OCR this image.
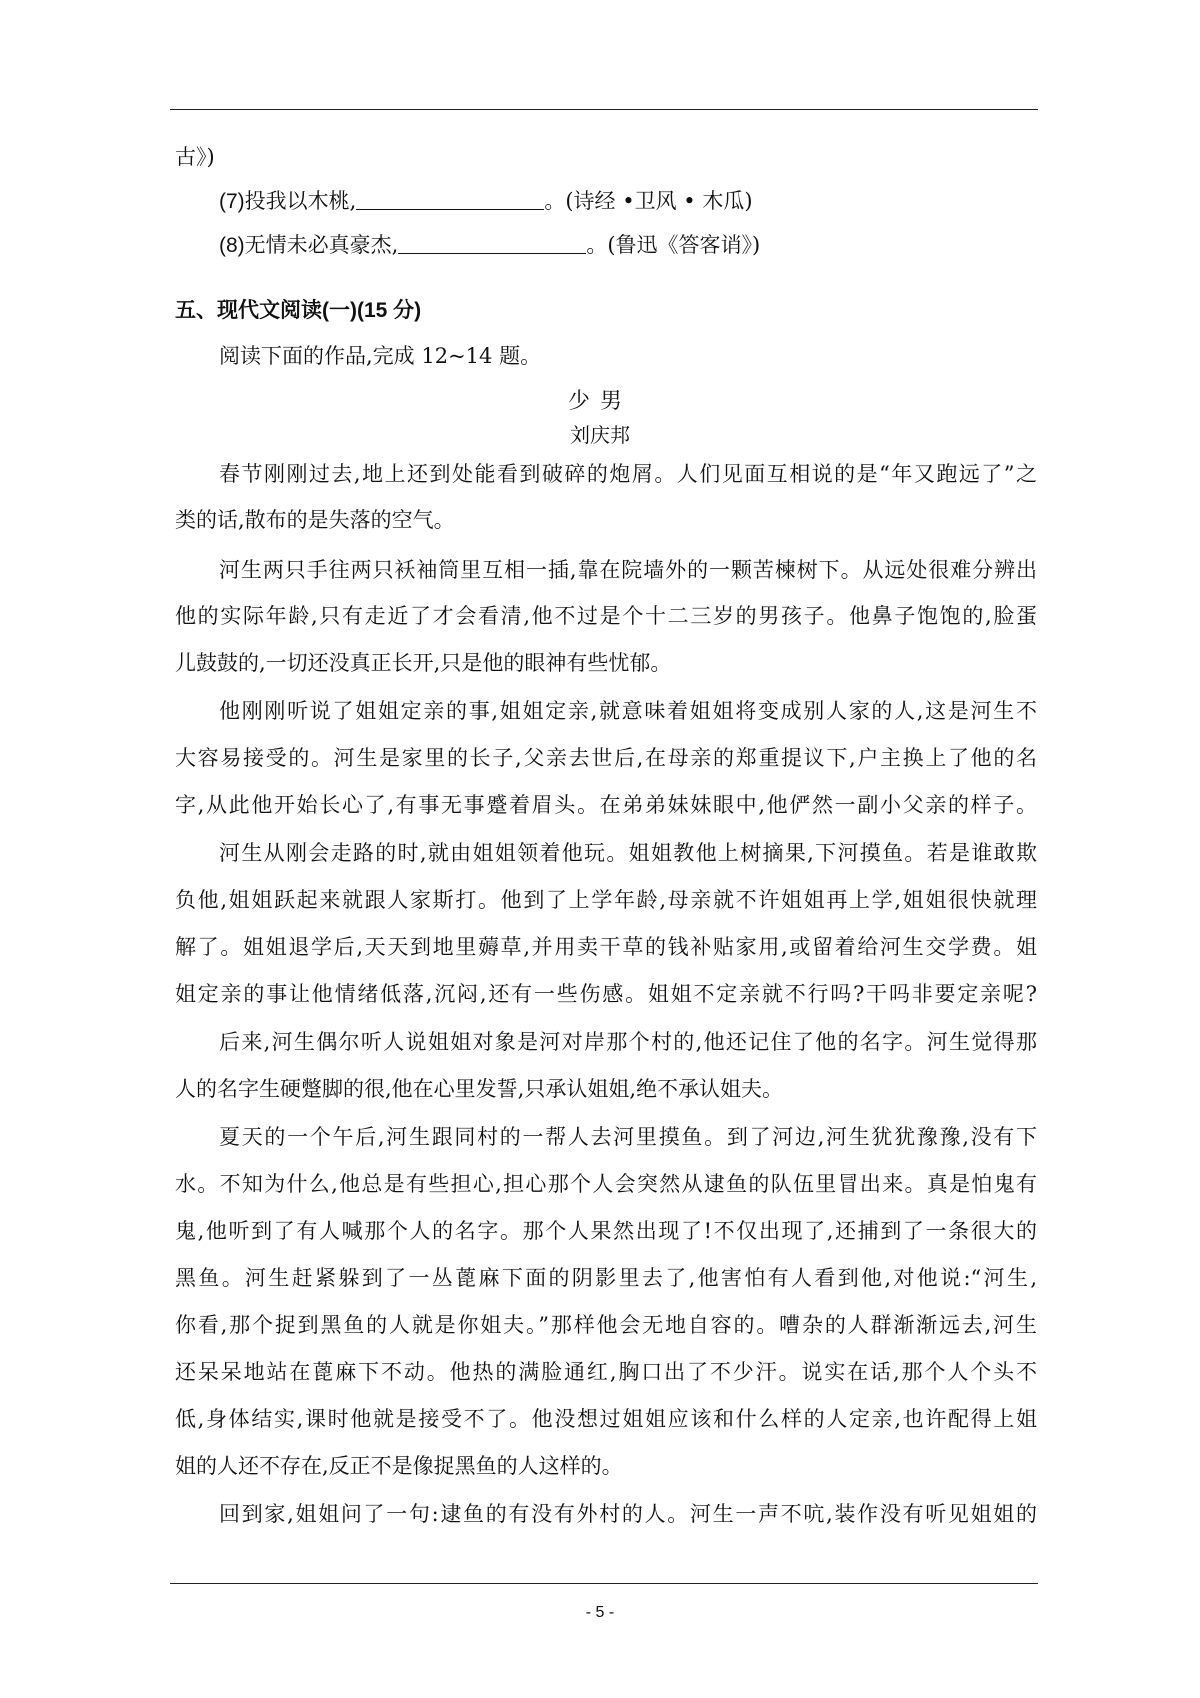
古》)
(7)投我以木桃,	。(诗经 •卫风 • 木瓜)
(8)无情未必真豪杰,	。(鲁迅《答客诮》)
五、现代文阅读(一)(15 分)
阅读下面的作品,完成 12~14 题。
少男
刘庆邦
春节刚刚过去,地上还到处能看到破碎的炮屑。人们见面互相说的是“年又跑远了”之
类的话,散布的是失落的空气。
河生两只手往两只袄袖筒里互相一插,靠在院墙外的一颗苦楝树下。从远处很难分辨出
他的实际年龄,只有走近了才会看清,他不过是个十二三岁的男孩子。他鼻子饱饱的,脸蛋
儿鼓鼓的,一切还没真正长开,只是他的眼神有些忧郁。
他刚刚听说了姐姐定亲的事,姐姐定亲,就意味着姐姐将变成别人家的人,这是河生不
大容易接受的。河生是家里的长子,父亲去世后,在母亲的郑重提议下,户主换上了他的名
字,从此他开始长心了,有事无事蹙着眉头。在弟弟妹妹眼中,他俨然一副小父亲的样子。
河生从刚会走路的时,就由姐姐领着他玩。姐姐教他上树摘果,下河摸鱼。若是谁敢欺
负他,姐姐跃起来就跟人家斯打。他到了上学年龄,母亲就不许姐姐再上学,姐姐很快就理
解了。姐姐退学后,天天到地里薅草,并用卖干草的钱补贴家用,或留着给河生交学费。姐
姐定亲的事让他情绪低落,沉闷,还有一些伤感。姐姐不定亲就不行吗?干吗非要定亲呢?
后来,河生偶尔听人说姐姐对象是河对岸那个村的,他还记住了他的名字。河生觉得那
人的名字生硬蹩脚的很,他在心里发誓,只承认姐姐,绝不承认姐夫。
夏天的一个午后,河生跟同村的一帮人去河里摸鱼。到了河边,河生犹犹豫豫,没有下
水。不知为什么,他总是有些担心,担心那个人会突然从逮鱼的队伍里冒出来。真是怕鬼有
鬼,他听到了有人喊那个人的名字。那个人果然出现了!不仅出现了,还捕到了一条很大的
黑鱼。河生赶紧躲到了一丛蓖麻下面的阴影里去了,他害怕有人看到他,对他说:“河生,
你看,那个捉到黑鱼的人就是你姐夫。”那样他会无地自容的。嘈杂的人群渐渐远去,河生
还呆呆地站在蓖麻下不动。他热的满脸通红,胸口出了不少汗。说实在话,那个人个头不
低,身体结实,课时他就是接受不了。他没想过姐姐应该和什么样的人定亲,也许配得上姐
姐的人还不存在,反正不是像捉黑鱼的人这样的。
回到家,姐姐问了一句:逮鱼的有没有外村的人。河生一声不吭,装作没有听见姐姐的
- 5 -
